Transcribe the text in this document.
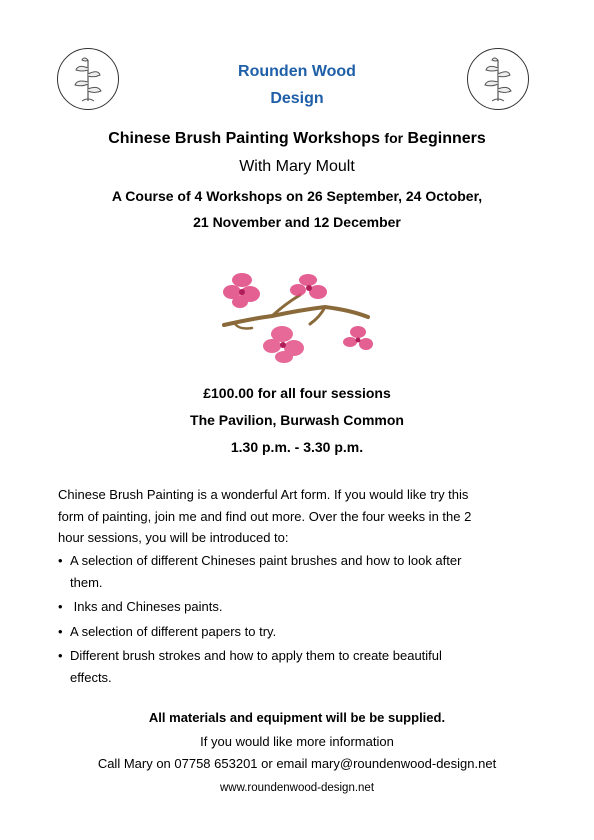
Rounden Wood
Design
Chinese Brush Painting Workshops for Beginners
With Mary Moult
A Course of 4 Workshops on 26 September, 24 October,
21 November and 12 December
£100.00 for all four sessions
The Pavilion, Burwash Common
1.30 p.m. - 3.30 p.m.
Chinese Brush Painting is a wonderful Art form. If you would like try this
form of painting, join me and find out more. Over the four weeks in the 2
hour sessions, you will be introduced to:
• A selection of different Chineses paint brushes and how to look after
them.
• Inks and Chineses paints.
• A selection of different papers to try.
• Different brush strokes and how to apply them to create beautiful
effects.
All materials and equipment will be be supplied.
If you would like more information
Call Mary on 07758 653201 or email mary@roundenwood-design.net
www.roundenwood-design.net
